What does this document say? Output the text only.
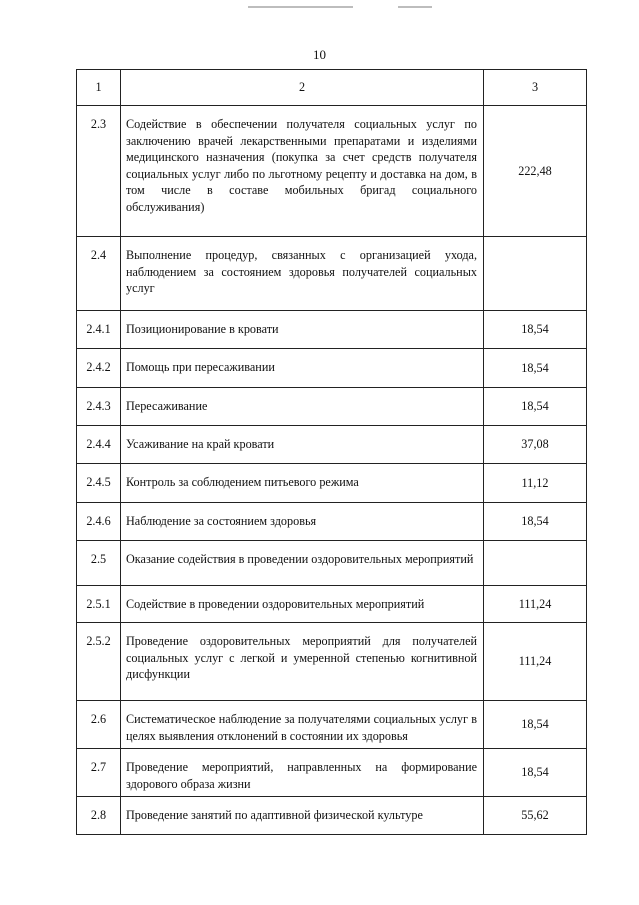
10
1	2	3
2.3	Содействие в обеспечении получателя социальных услуг по заключению врачей лекарственными препаратами и изделиями медицинского назначения (покупка за счет средств получателя социальных услуг либо по льготному рецепту и доставка на дом, в том числе в составе мобильных бригад социального обслуживания)	222,48
2.4	Выполнение процедур, связанных с организацией ухода, наблюдением за состоянием здоровья получателей социальных услуг	
2.4.1	Позиционирование в кровати	18,54
2.4.2	Помощь при пересаживании	18,54
2.4.3	Пересаживание	18,54
2.4.4	Усаживание на край кровати	37,08
2.4.5	Контроль за соблюдением питьевого режима	11,12
2.4.6	Наблюдение за состоянием здоровья	18,54
2.5	Оказание содействия в проведении оздоровительных мероприятий	
2.5.1	Содействие в проведении оздоровительных мероприятий	111,24
2.5.2	Проведение оздоровительных мероприятий для получателей социальных услуг с легкой и умеренной степенью когнитивной дисфункции	111,24
2.6	Систематическое наблюдение за получателями социальных услуг в целях выявления отклонений в состоянии их здоровья	18,54
2.7	Проведение мероприятий, направленных на формирование здорового образа жизни	18,54
2.8	Проведение занятий по адаптивной физической культуре	55,62
